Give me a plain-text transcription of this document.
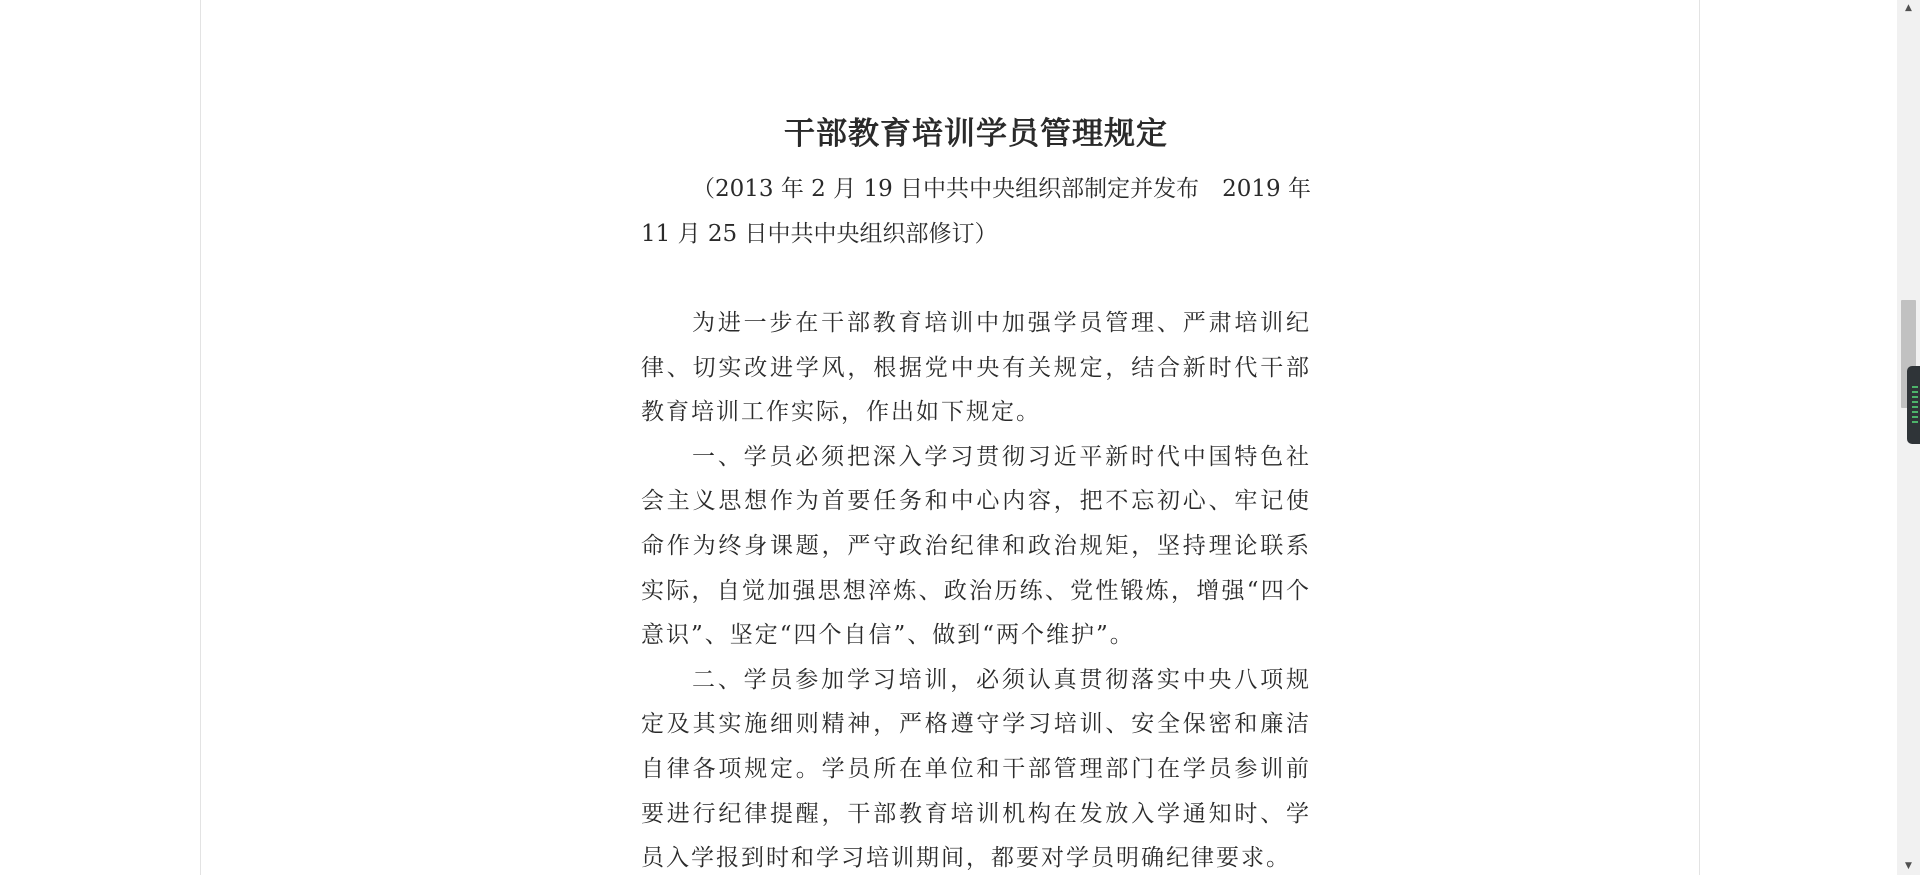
干部教育培训学员管理规定

（2013 年 2 月 19 日中共中央组织部制定并发布　2019 年 11 月 25 日中共中央组织部修订）

为进一步在干部教育培训中加强学员管理、严肃培训纪律、切实改进学风，根据党中央有关规定，结合新时代干部教育培训工作实际，作出如下规定。

一、学员必须把深入学习贯彻习近平新时代中国特色社会主义思想作为首要任务和中心内容，把不忘初心、牢记使命作为终身课题，严守政治纪律和政治规矩，坚持理论联系实际，自觉加强思想淬炼、政治历练、党性锻炼，增强“四个意识”、坚定“四个自信”、做到“两个维护”。

二、学员参加学习培训，必须认真贯彻落实中央八项规定及其实施细则精神，严格遵守学习培训、安全保密和廉洁自律各项规定。学员所在单位和干部管理部门在学员参训前要进行纪律提醒，干部教育培训机构在发放入学通知时、学员入学报到时和学习培训期间，都要对学员明确纪律要求。

▲
▼
